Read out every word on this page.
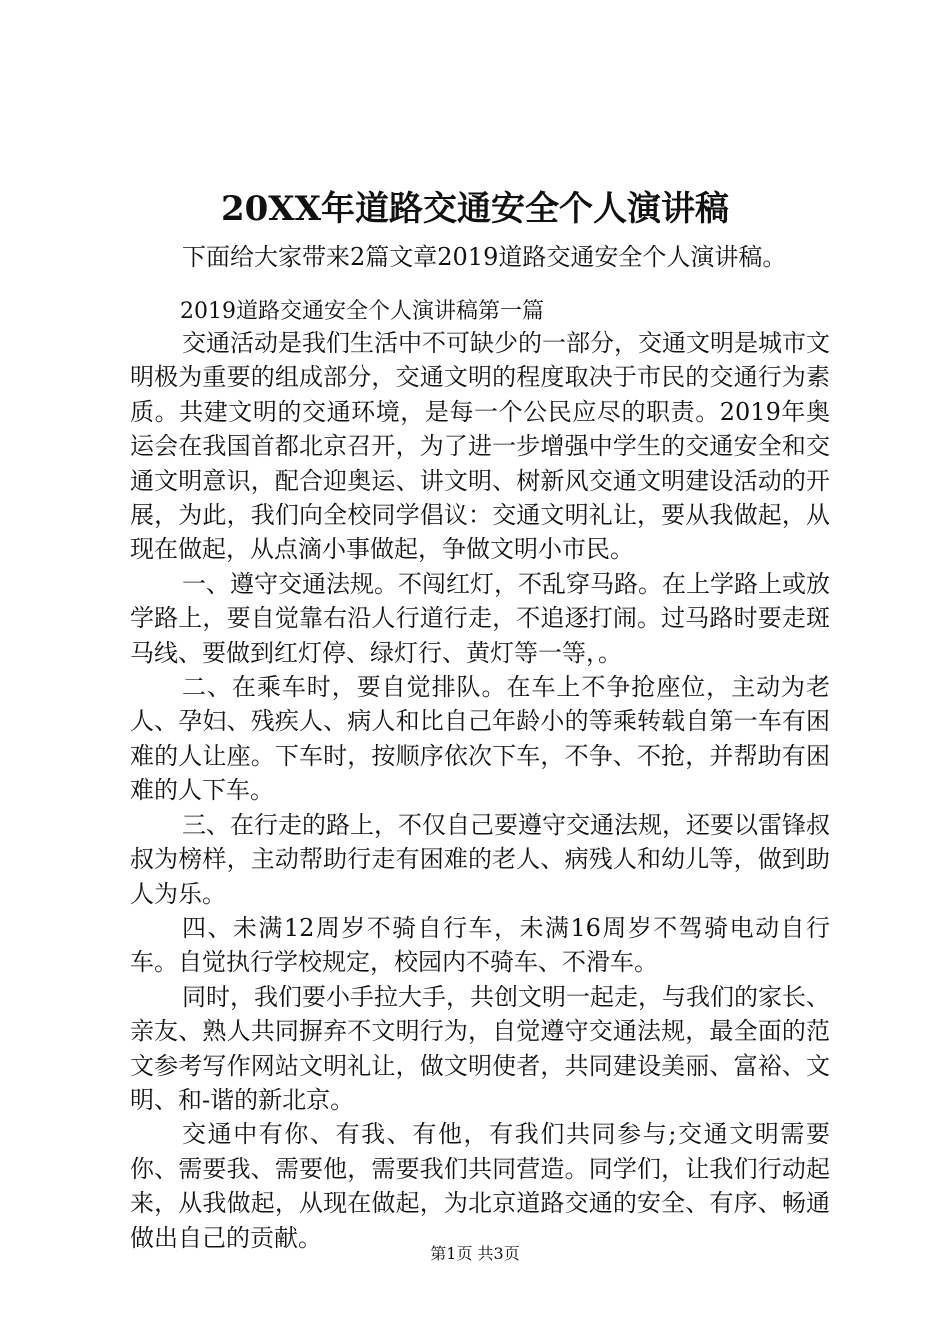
20XX年道路交通安全个人演讲稿
下面给大家带来2篇文章2019道路交通安全个人演讲稿。
2019道路交通安全个人演讲稿第一篇

交通活动是我们生活中不可缺少的一部分，交通文明是城市文明极为重要的组成部分，交通文明的程度取决于市民的交通行为素质。共建文明的交通环境，是每一个公民应尽的职责。2019年奥运会在我国首都北京召开，为了进一步增强中学生的交通安全和交通文明意识，配合迎奥运、讲文明、树新风交通文明建设活动的开展，为此，我们向全校同学倡议：交通文明礼让，要从我做起，从现在做起，从点滴小事做起，争做文明小市民。

一、遵守交通法规。不闯红灯，不乱穿马路。在上学路上或放学路上，要自觉靠右沿人行道行走，不追逐打闹。过马路时要走斑马线、要做到红灯停、绿灯行、黄灯等一等，。

二、在乘车时，要自觉排队。在车上不争抢座位，主动为老人、孕妇、残疾人、病人和比自己年龄小的等乘转载自第一车有困难的人让座。下车时，按顺序依次下车，不争、不抢，并帮助有困难的人下车。

三、在行走的路上，不仅自己要遵守交通法规，还要以雷锋叔叔为榜样，主动帮助行走有困难的老人、病残人和幼儿等，做到助人为乐。

四、未满12周岁不骑自行车，未满16周岁不驾骑电动自行车。自觉执行学校规定，校园内不骑车、不滑车。

同时，我们要小手拉大手，共创文明一起走，与我们的家长、亲友、熟人共同摒弃不文明行为，自觉遵守交通法规，最全面的范文参考写作网站文明礼让，做文明使者，共同建设美丽、富裕、文明、和-谐的新北京。

交通中有你、有我、有他，有我们共同参与;交通文明需要你、需要我、需要他，需要我们共同营造。同学们，让我们行动起来，从我做起，从现在做起，为北京道路交通的安全、有序、畅通做出自己的贡献。

第1页 共3页
